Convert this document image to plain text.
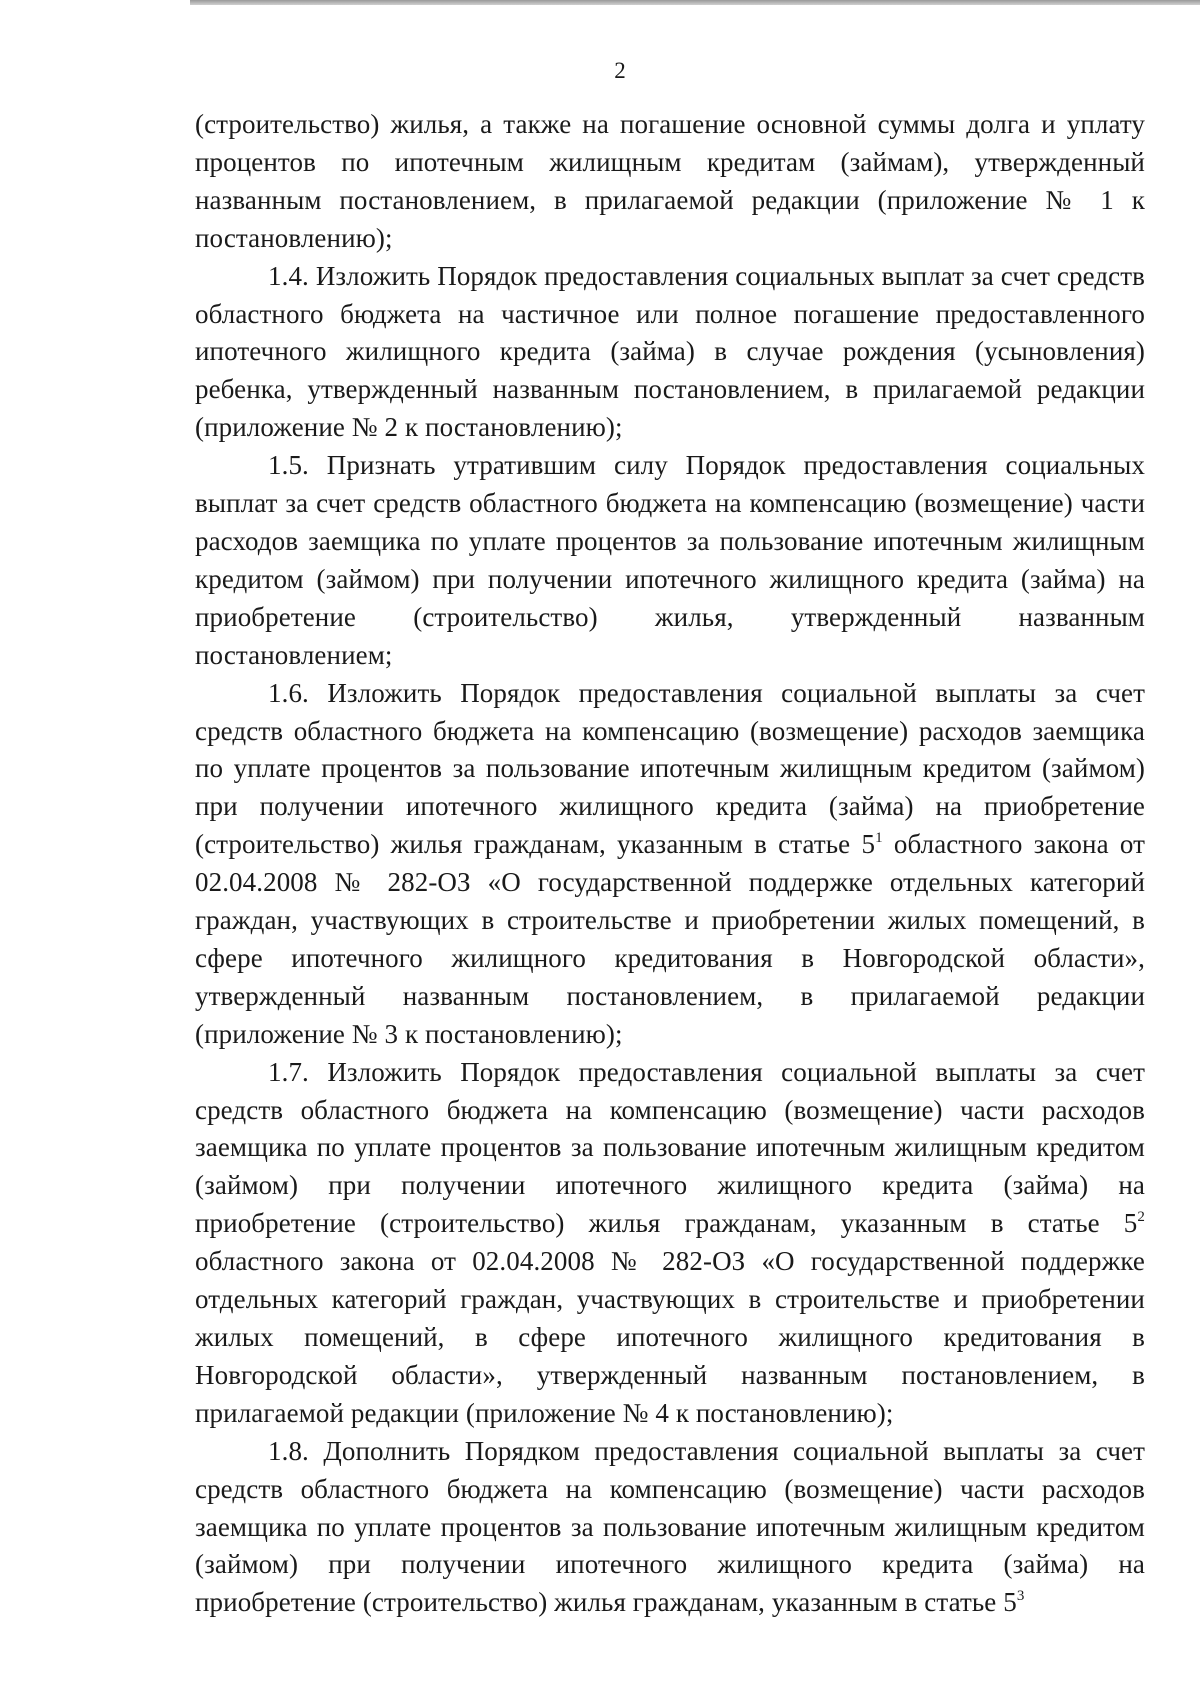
2

(строительство) жилья, а также на погашение основной суммы долга и уплату процентов по ипотечным жилищным кредитам (займам), утвержденный названным постановлением, в прилагаемой редакции (приложение № 1 к постановлению);

1.4. Изложить Порядок предоставления социальных выплат за счет средств областного бюджета на частичное или полное погашение предоставленного ипотечного жилищного кредита (займа) в случае рождения (усыновления) ребенка, утвержденный названным постановлением, в прилагаемой редакции (приложение № 2 к постановлению);

1.5. Признать утратившим силу Порядок предоставления социальных выплат за счет средств областного бюджета на компенсацию (возмещение) части расходов заемщика по уплате процентов за пользование ипотечным жилищным кредитом (займом) при получении ипотечного жилищного кредита (займа) на приобретение (строительство) жилья, утвержденный названным постановлением;

1.6. Изложить Порядок предоставления социальной выплаты за счет средств областного бюджета на компенсацию (возмещение) расходов заемщика по уплате процентов за пользование ипотечным жилищным кредитом (займом) при получении ипотечного жилищного кредита (займа) на приобретение (строительство) жилья гражданам, указанным в статье $5^1$ областного закона от 02.04.2008 № 282-ОЗ «О государственной поддержке отдельных категорий граждан, участвующих в строительстве и приобретении жилых помещений, в сфере ипотечного жилищного кредитования в Новгородской области», утвержденный названным постановлением, в прилагаемой редакции (приложение № 3 к постановлению);

1.7. Изложить Порядок предоставления социальной выплаты за счет средств областного бюджета на компенсацию (возмещение) части расходов заемщика по уплате процентов за пользование ипотечным жилищным кредитом (займом) при получении ипотечного жилищного кредита (займа) на приобретение (строительство) жилья гражданам, указанным в статье $5^2$ областного закона от 02.04.2008 № 282-ОЗ «О государственной поддержке отдельных категорий граждан, участвующих в строительстве и приобретении жилых помещений, в сфере ипотечного жилищного кредитования в Новгородской области», утвержденный названным постановлением, в прилагаемой редакции (приложение № 4 к постановлению);

1.8. Дополнить Порядком предоставления социальной выплаты за счет средств областного бюджета на компенсацию (возмещение) части расходов заемщика по уплате процентов за пользование ипотечным жилищным кредитом (займом) при получении ипотечного жилищного кредита (займа) на приобретение (строительство) жилья гражданам, указанным в статье $5^3$
